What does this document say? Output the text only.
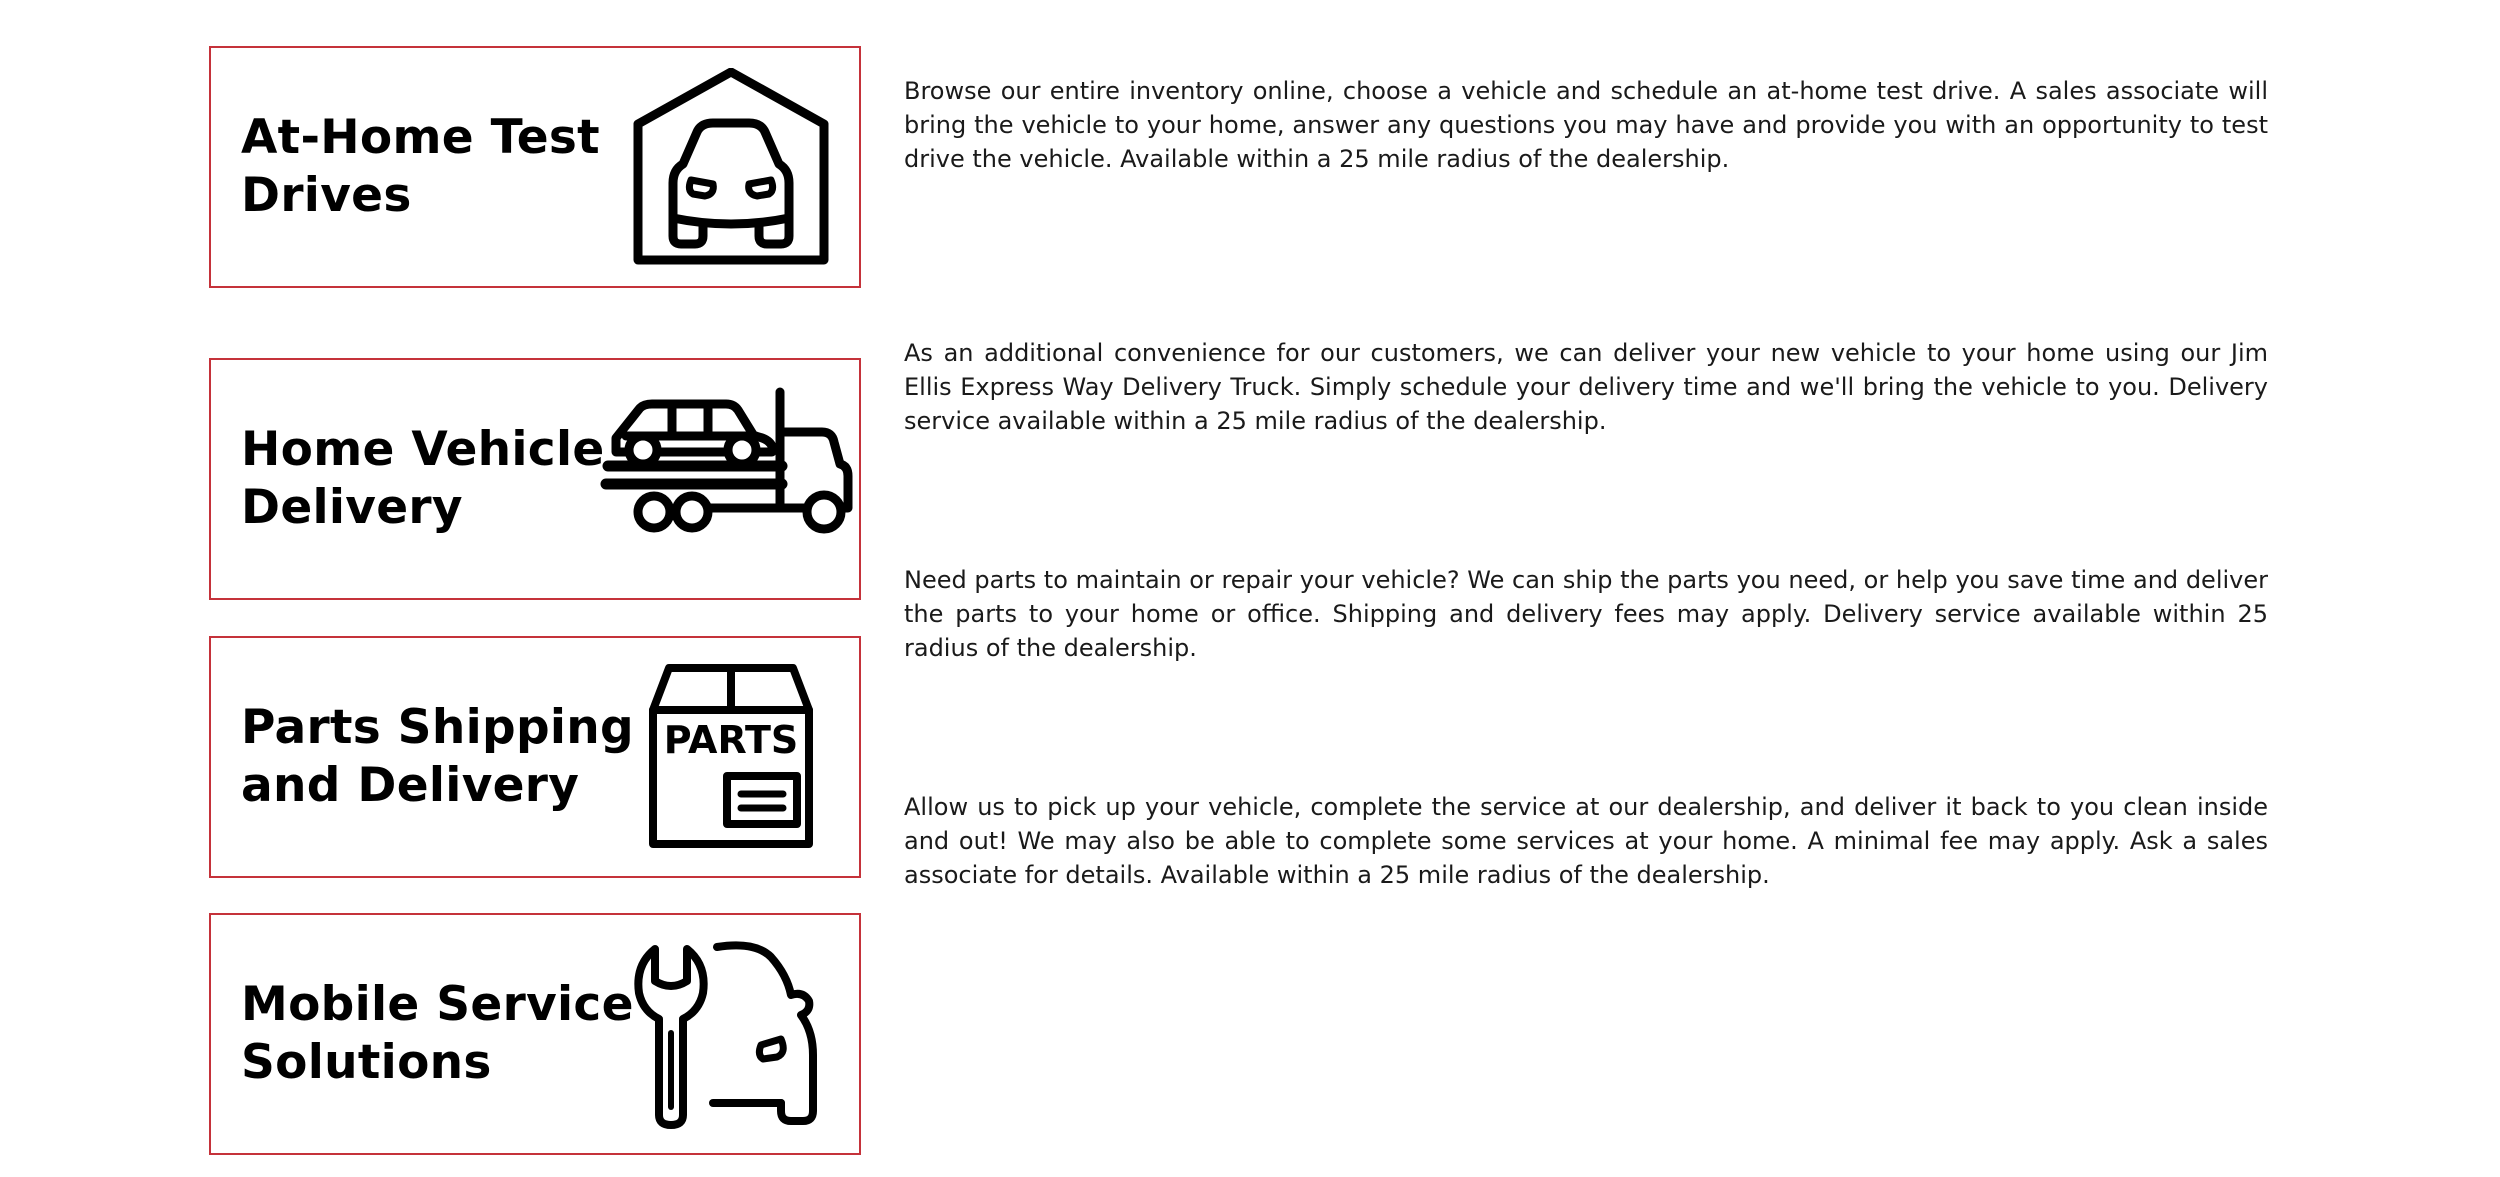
At-Home Test
Drives

Browse our entire inventory online, choose a vehicle and schedule an at-home test drive. A sales associate will bring the vehicle to your home, answer any questions you may have and provide you with an opportunity to test drive the vehicle. Available within a 25 mile radius of the dealership.

Home Vehicle
Delivery

As an additional convenience for our customers, we can deliver your new vehicle to your home using our Jim Ellis Express Way Delivery Truck. Simply schedule your delivery time and we'll bring the vehicle to you. Delivery service available within a 25 mile radius of the dealership.

Parts Shipping
and Delivery
PARTS

Need parts to maintain or repair your vehicle? We can ship the parts you need, or help you save time and deliver the parts to your home or office. Shipping and delivery fees may apply. Delivery service available within 25 radius of the dealership.

Mobile Service
Solutions

Allow us to pick up your vehicle, complete the service at our dealership, and deliver it back to you clean inside and out! We may also be able to complete some services at your home. A minimal fee may apply. Ask a sales associate for details. Available within a 25 mile radius of the dealership.
